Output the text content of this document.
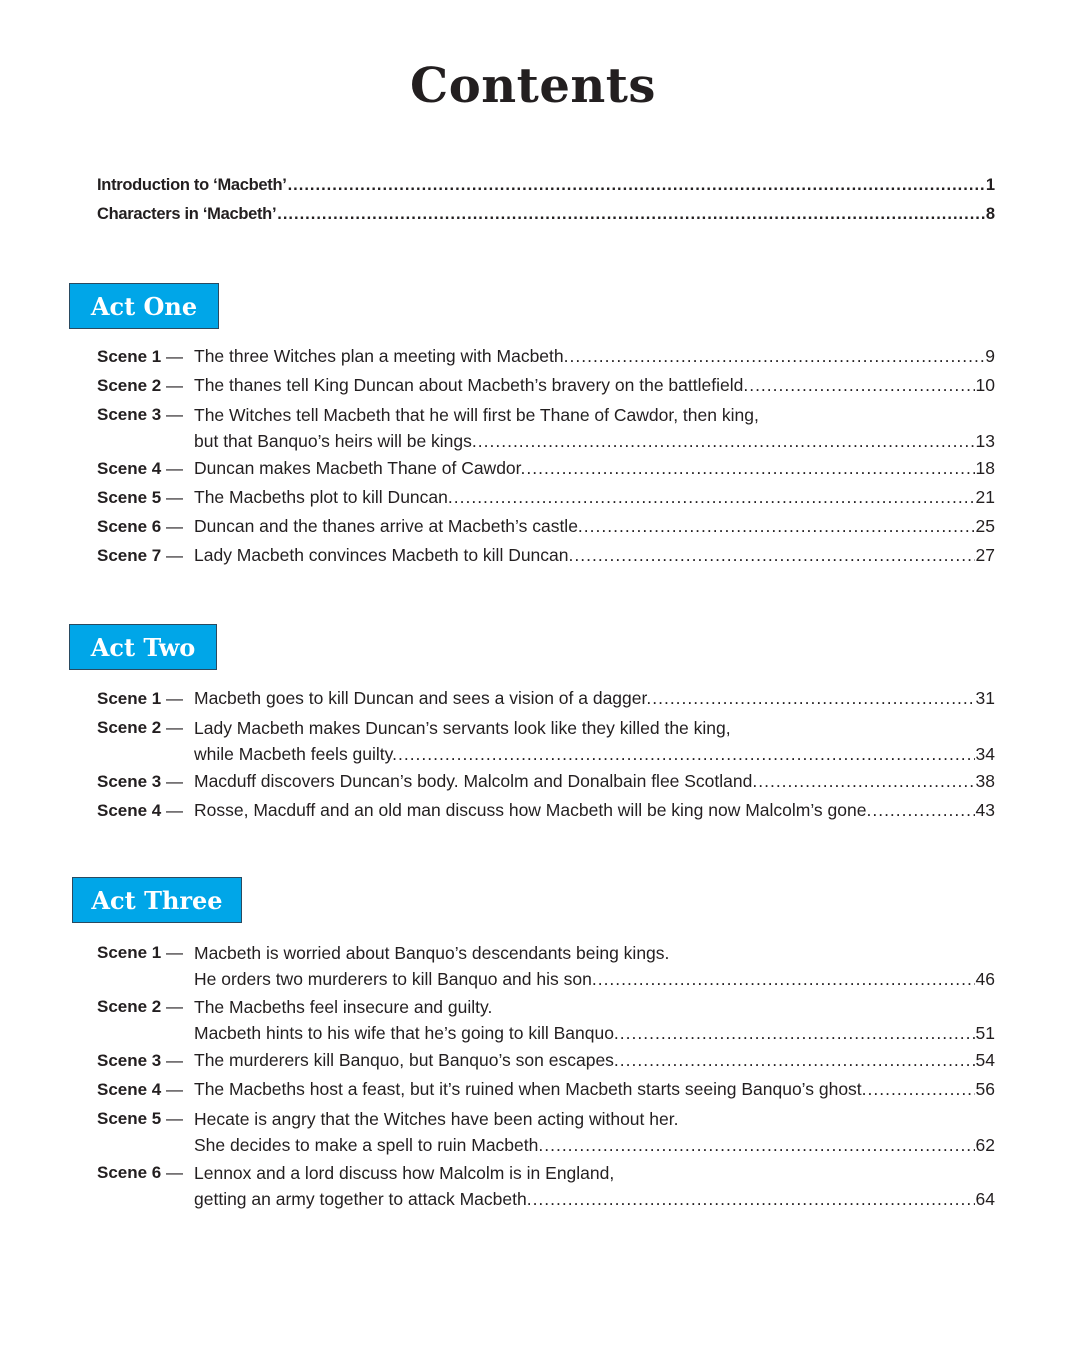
Contents
Introduction to ‘Macbeth’ .....	1
Characters in ‘Macbeth’ .....	8
Act One
Scene 1 — The three Witches plan a meeting with Macbeth. .....	9
Scene 2 — The thanes tell King Duncan about Macbeth’s bravery on the battlefield. .....	10
Scene 3 — The Witches tell Macbeth that he will first be Thane of Cawdor, then king,
but that Banquo’s heirs will be kings. .....	13
Scene 4 — Duncan makes Macbeth Thane of Cawdor. .....	18
Scene 5 — The Macbeths plot to kill Duncan. .....	21
Scene 6 — Duncan and the thanes arrive at Macbeth’s castle. .....	25
Scene 7 — Lady Macbeth convinces Macbeth to kill Duncan. .....	27
Act Two
Scene 1 — Macbeth goes to kill Duncan and sees a vision of a dagger. .....	31
Scene 2 — Lady Macbeth makes Duncan’s servants look like they killed the king,
while Macbeth feels guilty. .....	34
Scene 3 — Macduff discovers Duncan’s body. Malcolm and Donalbain flee Scotland. .....	38
Scene 4 — Rosse, Macduff and an old man discuss how Macbeth will be king now Malcolm’s gone. .....	43
Act Three
Scene 1 — Macbeth is worried about Banquo’s descendants being kings.
He orders two murderers to kill Banquo and his son. .....	46
Scene 2 — The Macbeths feel insecure and guilty.
Macbeth hints to his wife that he’s going to kill Banquo. .....	51
Scene 3 — The murderers kill Banquo, but Banquo’s son escapes. .....	54
Scene 4 — The Macbeths host a feast, but it’s ruined when Macbeth starts seeing Banquo’s ghost. .....	56
Scene 5 — Hecate is angry that the Witches have been acting without her.
She decides to make a spell to ruin Macbeth. .....	62
Scene 6 — Lennox and a lord discuss how Malcolm is in England,
getting an army together to attack Macbeth. .....	64
